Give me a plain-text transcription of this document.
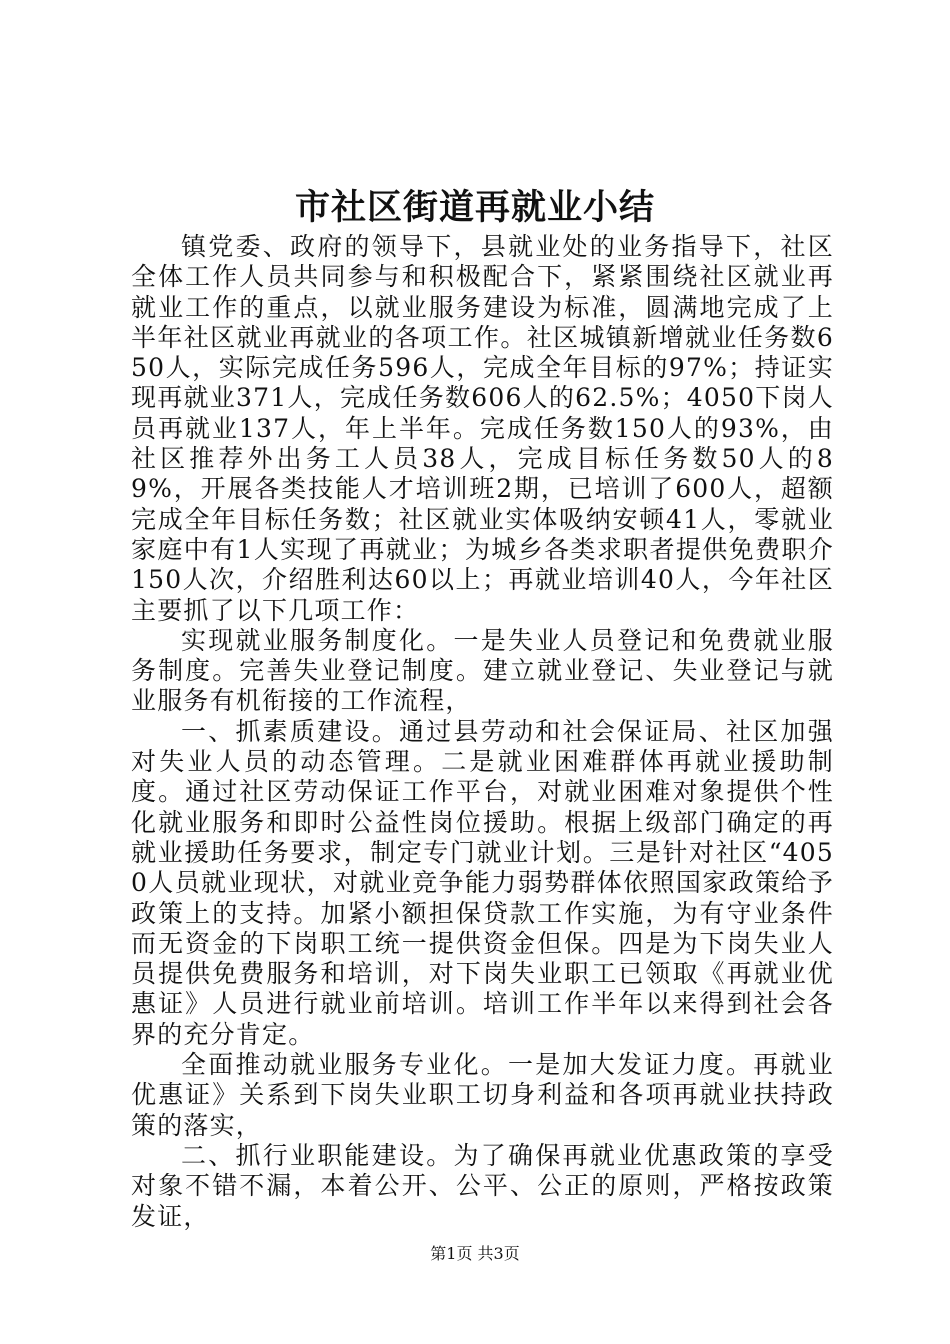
市社区街道再就业小结

镇党委、政府的领导下，县就业处的业务指导下，社区全体工作人员共同参与和积极配合下，紧紧围绕社区就业再就业工作的重点，以就业服务建设为标准，圆满地完成了上半年社区就业再就业的各项工作。社区城镇新增就业任务数650人，实际完成任务596人，完成全年目标的97%；持证实现再就业371人，完成任务数606人的62.5%；4050下岗人员再就业137人，年上半年。完成任务数150人的93%，由社区推荐外出务工人员38人，完成目标任务数50人的89%，开展各类技能人才培训班2期，已培训了600人，超额完成全年目标任务数；社区就业实体吸纳安顿41人，零就业家庭中有1人实现了再就业；为城乡各类求职者提供免费职介150人次，介绍胜利达60以上；再就业培训40人，今年社区主要抓了以下几项工作：

实现就业服务制度化。一是失业人员登记和免费就业服务制度。完善失业登记制度。建立就业登记、失业登记与就业服务有机衔接的工作流程，

一、抓素质建设。通过县劳动和社会保证局、社区加强对失业人员的动态管理。二是就业困难群体再就业援助制度。通过社区劳动保证工作平台，对就业困难对象提供个性化就业服务和即时公益性岗位援助。根据上级部门确定的再就业援助任务要求，制定专门就业计划。三是针对社区“4050人员就业现状，对就业竞争能力弱势群体依照国家政策给予政策上的支持。加紧小额担保贷款工作实施，为有守业条件而无资金的下岗职工统一提供资金但保。四是为下岗失业人员提供免费服务和培训，对下岗失业职工已领取《再就业优惠证》人员进行就业前培训。培训工作半年以来得到社会各界的充分肯定。

全面推动就业服务专业化。一是加大发证力度。再就业优惠证》关系到下岗失业职工切身利益和各项再就业扶持政策的落实，

二、抓行业职能建设。为了确保再就业优惠政策的享受对象不错不漏，本着公开、公平、公正的原则，严格按政策发证，

第1页 共3页
